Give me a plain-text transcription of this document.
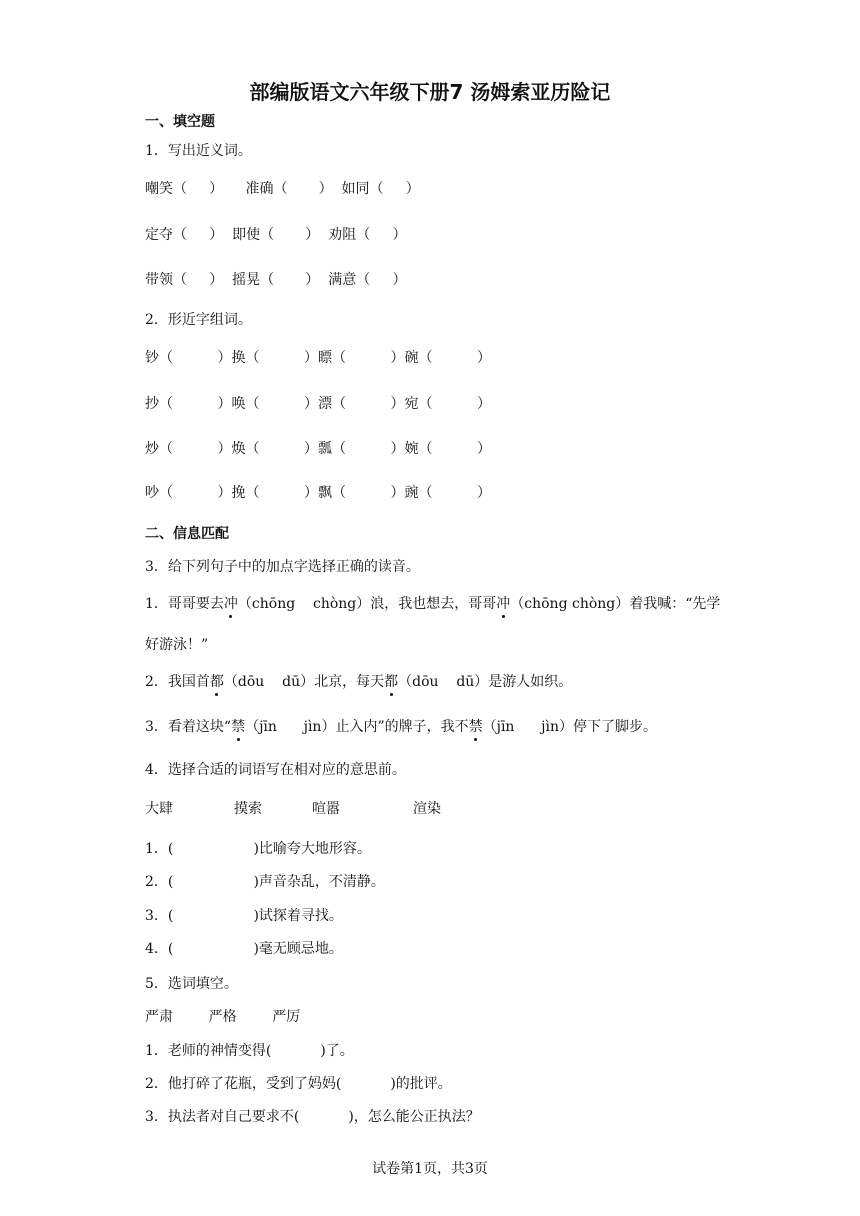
部编版语文六年级下册7 汤姆索亚历险记
一、填空题
1．写出近义词。
嘲笑（     ）     准确（       ）  如同（     ）
定夺（     ）  即使（       ）  劝阻（     ）
带领（     ）  摇晃（       ）  满意（     ）
2．形近字组词。
钞（          ）换（          ）瞟（          ）碗（          ）
抄（          ）唤（          ）漂（          ）宛（          ）
炒（          ）焕（          ）瓢（          ）婉（          ）
吵（          ）挽（          ）飘（          ）豌（          ）
二、信息匹配
3．给下列句子中的加点字选择正确的读音。
1．哥哥要去冲（chōng    chòng）浪，我也想去，哥哥冲（chōng chòng）着我喊：“先学
好游泳！”
2．我国首都（dōu    dū）北京，每天都（dōu    dū）是游人如织。
3．看着这块“禁（jīn      jìn）止入内”的牌子，我不禁（jīn      jìn）停下了脚步。
4．选择合适的词语写在相对应的意思前。
大肆	摸索	喧嚣	渲染
1．(                  )比喻夸大地形容。
2．(                  )声音杂乱，不清静。
3．(                  )试探着寻找。
4．(                  )毫无顾忌地。
5．选词填空。
严肃        严格        严厉
1．老师的神情变得(           )了。
2．他打碎了花瓶，受到了妈妈(           )的批评。
3．执法者对自己要求不(           )，怎么能公正执法？
试卷第1页，共3页
